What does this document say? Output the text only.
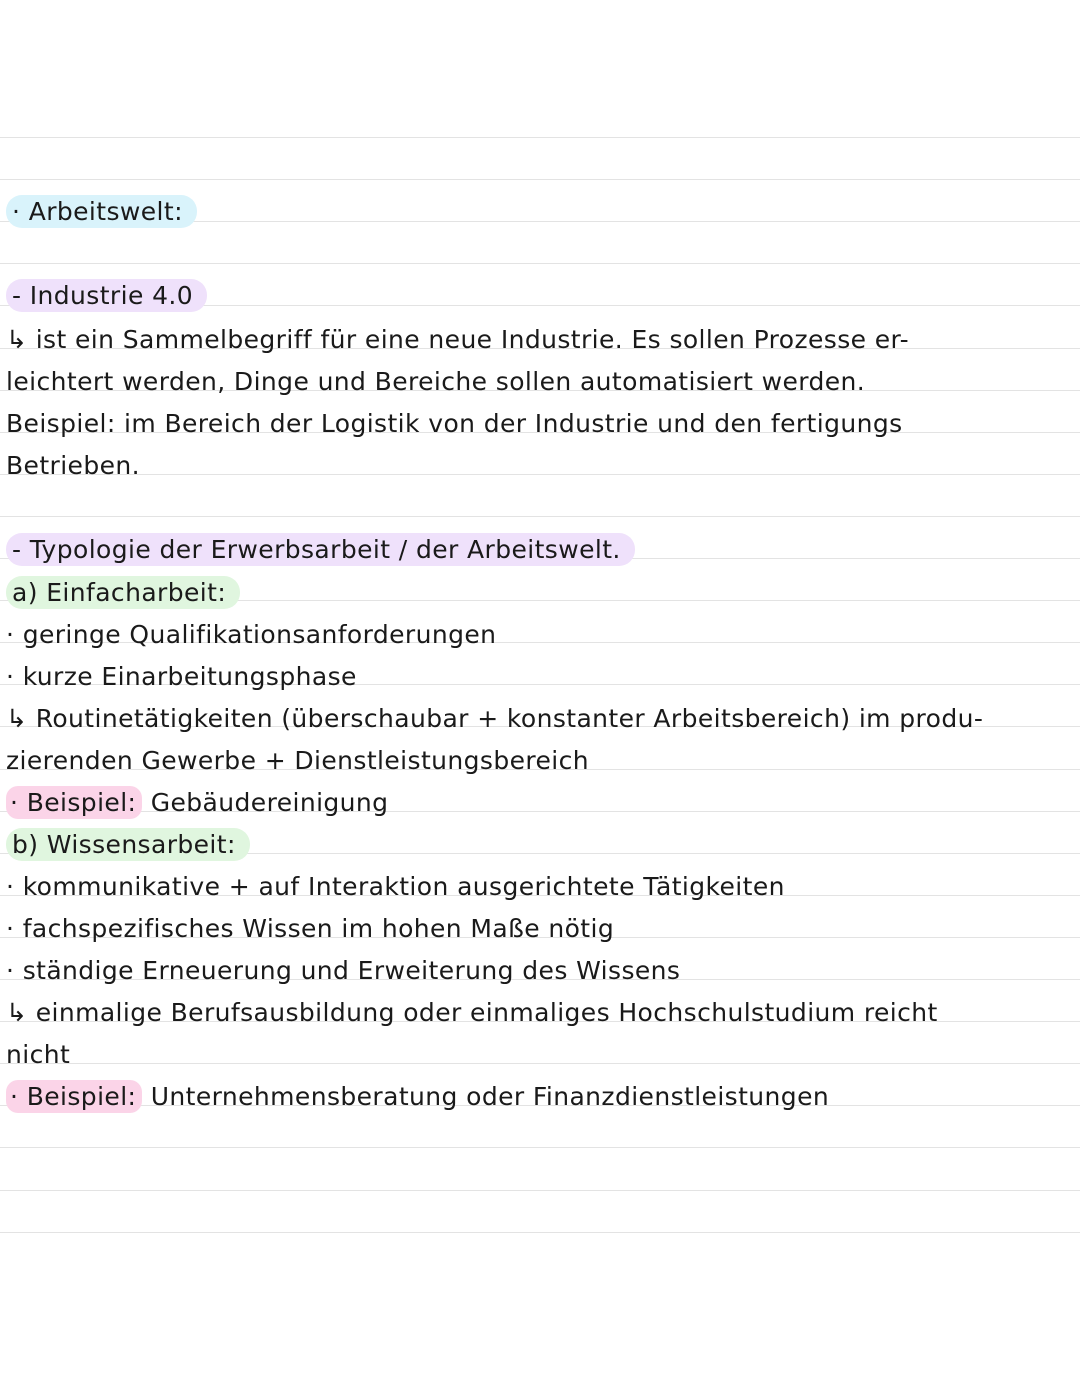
· Arbeitswelt:
- Industrie 4.0
↳ ist ein Sammelbegriff für eine neue Industrie. Es sollen Prozesse er-
leichtert werden, Dinge und Bereiche sollen automatisiert werden.
Beispiel: im Bereich der Logistik von der Industrie und den fertigungs
Betrieben.
- Typologie der Erwerbsarbeit / der Arbeitswelt.
a) Einfacharbeit:
· geringe Qualifikationsanforderungen
· kurze Einarbeitungsphase
↳ Routinetätigkeiten (überschaubar + konstanter Arbeitsbereich) im produ-
zierenden Gewerbe + Dienstleistungsbereich
· Beispiel: Gebäudereinigung
b) Wissensarbeit:
· kommunikative + auf Interaktion ausgerichtete Tätigkeiten
· fachspezifisches Wissen im hohen Maße nötig
· ständige Erneuerung und Erweiterung des Wissens
↳ einmalige Berufsausbildung oder einmaliges Hochschulstudium reicht
nicht
· Beispiel: Unternehmensberatung oder Finanzdienstleistungen
